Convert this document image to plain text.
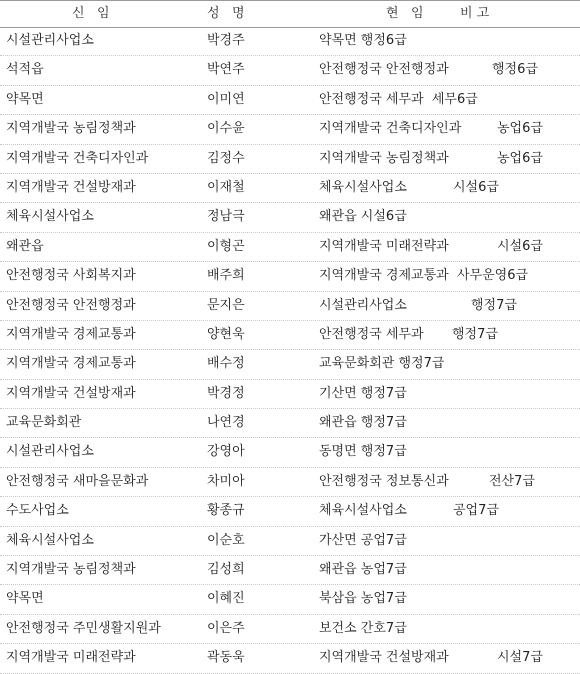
신   임	성   명	현   임	비 고
시설관리사업소	박경주	약목면 행정6급
석적읍	박연주	안전행정국 안전행정과	행정6급
약목면	이미연	안전행정국 세무과  세무6급
지역개발국 농림정책과	이수윤	지역개발국 건축디자인과	농업6급
지역개발국 건축디자인과	김정수	지역개발국 농림정책과	농업6급
지역개발국 건설방재과	이재철	체육시설사업소	시설6급
체육시설사업소	정남극	왜관읍 시설6급
왜관읍	이형곤	지역개발국 미래전략과	시설6급
안전행정국 사회복지과	배주희	지역개발국 경제교통과  사무운영6급
안전행정국 안전행정과	문지은	시설관리사업소	행정7급
지역개발국 경제교통과	양현욱	안전행정국 세무과 행정7급
지역개발국 경제교통과	배수정	교육문화회관 행정7급
지역개발국 건설방재과	박경정	기산면 행정7급
교육문화회관	나연경	왜관읍 행정7급
시설관리사업소	강영아	동명면 행정7급
안전행정국 새마을문화과	차미아	안전행정국 정보통신과	전산7급
수도사업소	황종규	체육시설사업소	공업7급
체육시설사업소	이순호	가산면 공업7급
지역개발국 농림정책과	김성희	왜관읍 농업7급
약목면	이혜진	북삼읍 농업7급
안전행정국 주민생활지원과	이은주	보건소 간호7급
지역개발국 미래전략과	곽동욱	지역개발국 건설방재과	시설7급
